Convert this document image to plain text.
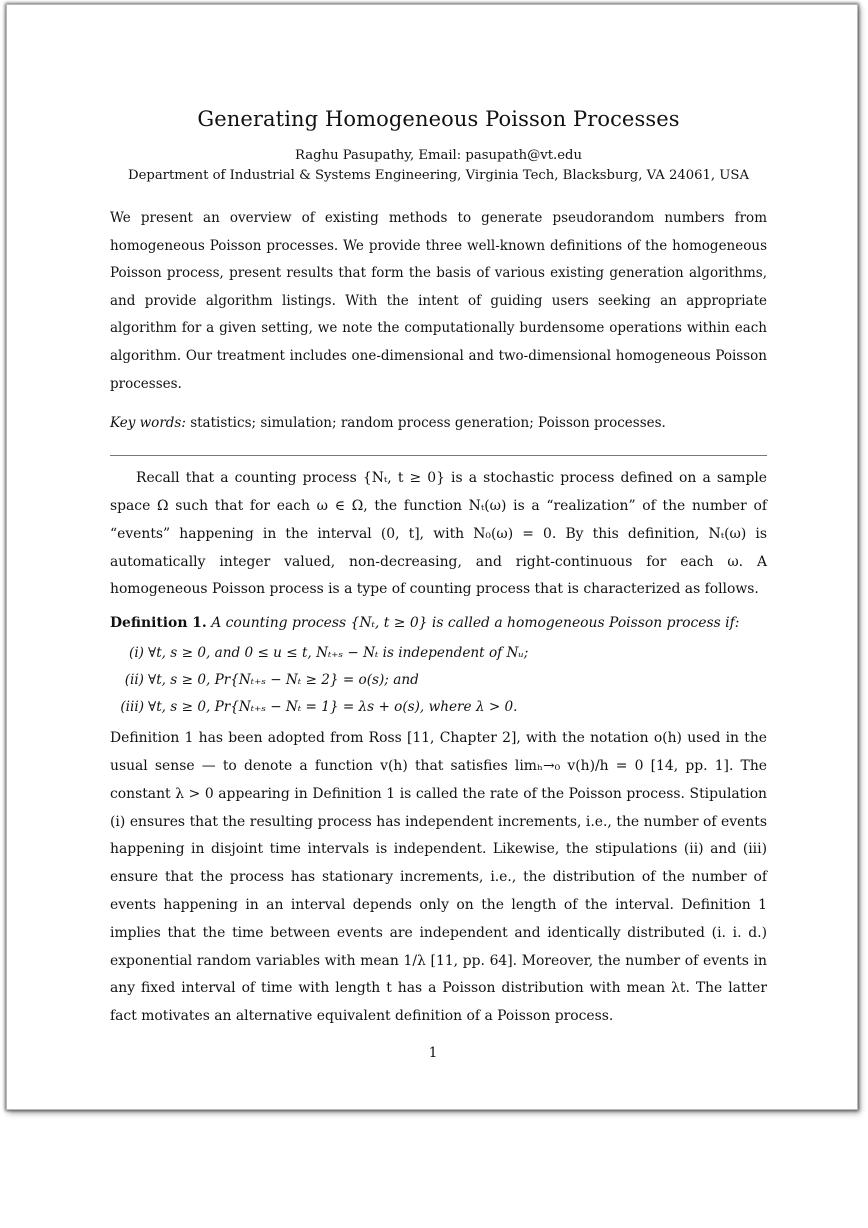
Generating Homogeneous Poisson Processes
Raghu Pasupathy, Email: pasupath@vt.edu
Department of Industrial & Systems Engineering, Virginia Tech, Blacksburg, VA 24061, USA

We present an overview of existing methods to generate pseudorandom numbers from homogeneous Poisson processes. We provide three well-known definitions of the homogeneous Poisson process, present results that form the basis of various existing generation algorithms, and provide algorithm listings. With the intent of guiding users seeking an appropriate algorithm for a given setting, we note the computationally burdensome operations within each algorithm. Our treatment includes one-dimensional and two-dimensional homogeneous Poisson processes.

Key words: statistics; simulation; random process generation; Poisson processes.

Recall that a counting process {Nₜ, t ≥ 0} is a stochastic process defined on a sample space Ω such that for each ω ∈ Ω, the function Nₜ(ω) is a “realization” of the number of “events” happening in the interval (0, t], with N₀(ω) = 0. By this definition, Nₜ(ω) is automatically integer valued, non-decreasing, and right-continuous for each ω. A homogeneous Poisson process is a type of counting process that is characterized as follows.

Definition 1. A counting process {Nₜ, t ≥ 0} is called a homogeneous Poisson process if:
(i) ∀t, s ≥ 0, and 0 ≤ u ≤ t, Nₜ₊ₛ − Nₜ is independent of Nᵤ;
(ii) ∀t, s ≥ 0, Pr{Nₜ₊ₛ − Nₜ ≥ 2} = o(s); and
(iii) ∀t, s ≥ 0, Pr{Nₜ₊ₛ − Nₜ = 1} = λs + o(s), where λ > 0.

Definition 1 has been adopted from Ross [11, Chapter 2], with the notation o(h) used in the usual sense — to denote a function v(h) that satisfies limₕ→₀ v(h)/h = 0 [14, pp. 1]. The constant λ > 0 appearing in Definition 1 is called the rate of the Poisson process. Stipulation (i) ensures that the resulting process has independent increments, i.e., the number of events happening in disjoint time intervals is independent. Likewise, the stipulations (ii) and (iii) ensure that the process has stationary increments, i.e., the distribution of the number of events happening in an interval depends only on the length of the interval. Definition 1 implies that the time between events are independent and identically distributed (i. i. d.) exponential random variables with mean 1/λ [11, pp. 64]. Moreover, the number of events in any fixed interval of time with length t has a Poisson distribution with mean λt. The latter fact motivates an alternative equivalent definition of a Poisson process.

1
